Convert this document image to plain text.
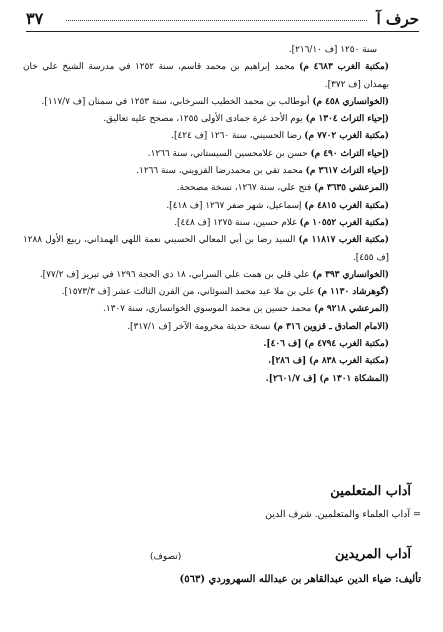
حرف آ
٣٧
سنة ١٢٥٠ [ف ٢١٦/١٠].
(مكتبة الغرب ٤٦٨٣ م) محمد إبراهيم بن محمد قاسم، سنة ١٢٥٢ في مدرسة الشيخ علي خان بهمذان [ف ٣٧٢].
(الخوانساري ٤٥٨ م) أبوطالب بن محمد الخطيب السرخابي، سنة ١٢٥٣ في سمنان [ف ١١٧/٧].
(إحياء التراث ١٣٠٤ م) يوم الأحد غرة جمادى الأولى ١٢٥٥، مصحح عليه تعاليق.
(مكتبة الغرب ٧٧٠٢ م) رضا الحسيني، سنة ١٢٦٠ [ف ٤٢٤].
(إحياء التراث ٤٩٠ م) حسن بن غلامحسين السيستاني، سنة ١٢٦٦.
(إحياء التراث ٣٦١٧ م) محمد تقي بن محمدرضا القزويني، سنة ١٢٦٦.
(المرعشي ٣٦٣٥ م) فتح علي، سنة ١٢٦٧، نسخة مصححة.
(مكتبة الغرب ٤٨١٥ م) إسماعيل، شهر صفر ١٢٦٧ [ف ٤١٨].
(مكتبة الغرب ١٠٥٥٢ م) غلام حسين، سنة ١٢٧٥ [ف ٤٤٨].
(مكتبة الغرب ١١٨١٧ م) السيد رضا بن أبي المعالي الحسيني نعمة اللهي الهمذاني، ربيع الأول ١٢٨٨ [ف ٤٥٥].
(الخوانساري ٣٩٣ م) علي قلي بن همت علي السرابي، ١٨ ذي الحجة ١٢٩٦ في تبريز [ف ٧٧/٢].
(گوهرشاد ١١٣٠ م) علي بن ملا عيد محمد السوئاني، من القرن الثالث عشر [ف ١٥٧٣/٣].
(المرعشي ٩٢١٨ م) محمد حسين بن محمد الموسوي الخوانساري، سنة ١٣٠٧.
(الامام الصادق ـ قزوين ٣١٦ م) نسخة حديثة مخرومة الآخر [ف ٣١٧/١].
(مكتبة الغرب ٤٧٩٤ م) [ف ٤٠٦].
(مكتبة الغرب ٨٣٨ م) [ف ٢٨٦].
(المشكاة ١٣٠١ م) [ف ٢٦٠١/٧].
آداب المتعلمين
= آداب العلماء والمتعلمين. شرف الدين
آداب المريدين
(تصوف)
تأليف: ضياء الدين عبدالقاهر بن عبدالله السهروردي (٥٦٣)
